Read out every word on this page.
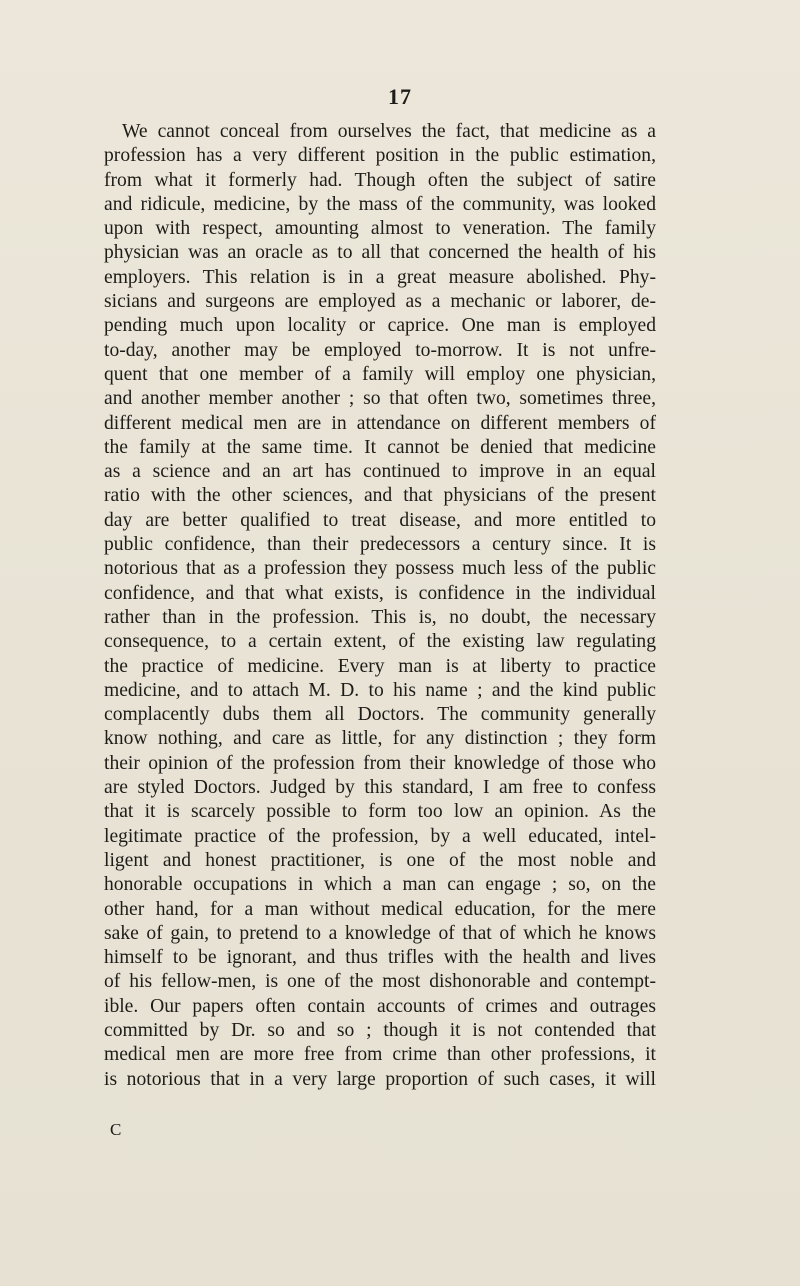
17
We cannot conceal from ourselves the fact, that medicine as a
profession has a very different position in the public estimation,
from what it formerly had. Though often the subject of satire
and ridicule, medicine, by the mass of the community, was looked
upon with respect, amounting almost to veneration. The family
physician was an oracle as to all that concerned the health of his
employers. This relation is in a great measure abolished. Phy-
sicians and surgeons are employed as a mechanic or laborer, de-
pending much upon locality or caprice. One man is employed
to-day, another may be employed to-morrow. It is not unfre-
quent that one member of a family will employ one physician,
and another member another ; so that often two, sometimes three,
different medical men are in attendance on different members of
the family at the same time. It cannot be denied that medicine
as a science and an art has continued to improve in an equal
ratio with the other sciences, and that physicians of the present
day are better qualified to treat disease, and more entitled to
public confidence, than their predecessors a century since. It is
notorious that as a profession they possess much less of the public
confidence, and that what exists, is confidence in the individual
rather than in the profession. This is, no doubt, the necessary
consequence, to a certain extent, of the existing law regulating
the practice of medicine. Every man is at liberty to practice
medicine, and to attach M. D. to his name ; and the kind public
complacently dubs them all Doctors. The community generally
know nothing, and care as little, for any distinction ; they form
their opinion of the profession from their knowledge of those who
are styled Doctors. Judged by this standard, I am free to confess
that it is scarcely possible to form too low an opinion. As the
legitimate practice of the profession, by a well educated, intel-
ligent and honest practitioner, is one of the most noble and
honorable occupations in which a man can engage ; so, on the
other hand, for a man without medical education, for the mere
sake of gain, to pretend to a knowledge of that of which he knows
himself to be ignorant, and thus trifles with the health and lives
of his fellow-men, is one of the most dishonorable and contempt-
ible. Our papers often contain accounts of crimes and outrages
committed by Dr. so and so ; though it is not contended that
medical men are more free from crime than other professions, it
is notorious that in a very large proportion of such cases, it will
C
